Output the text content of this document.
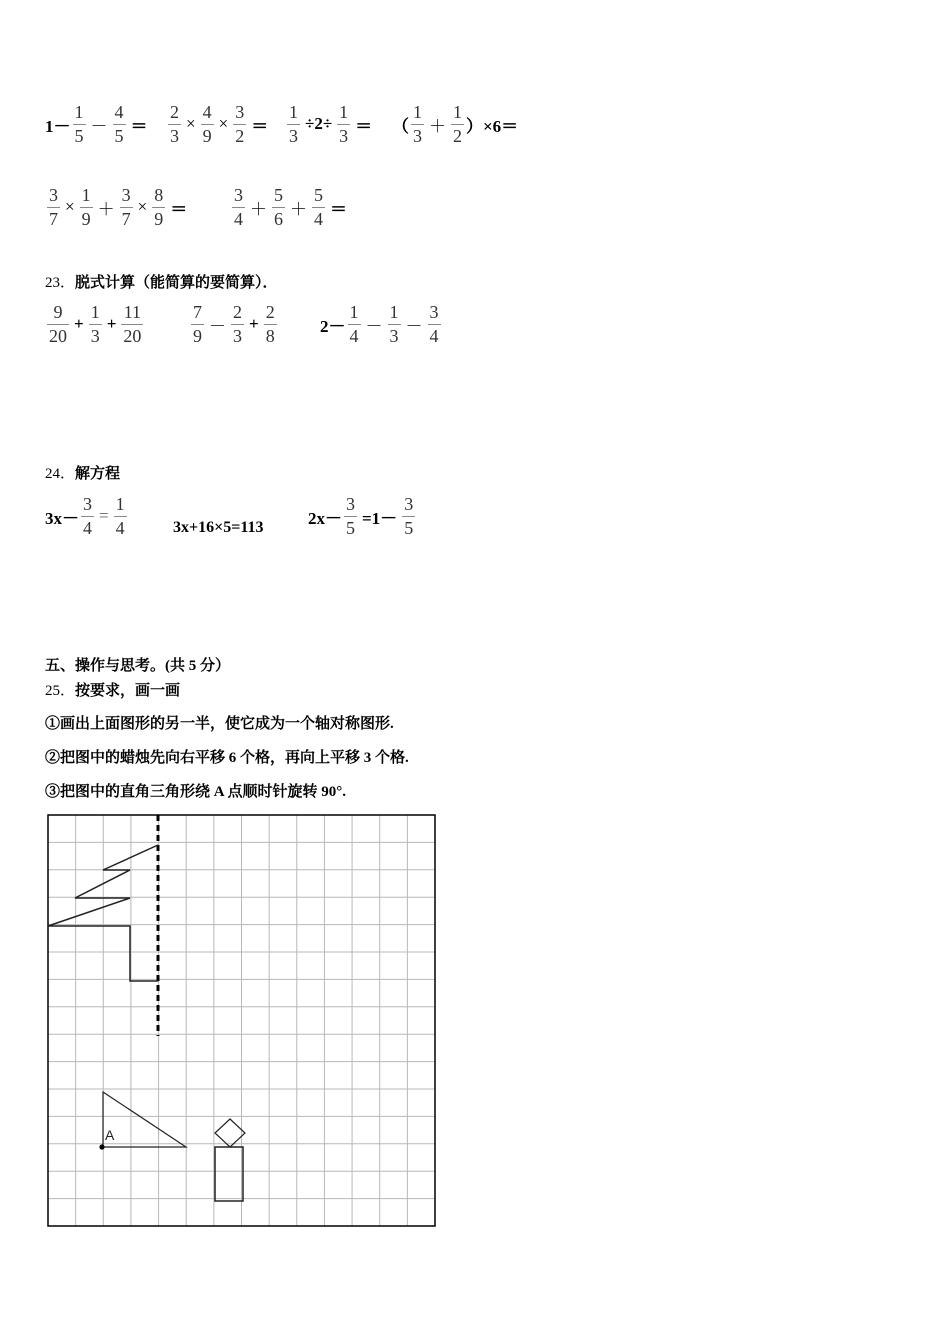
$1- \frac{1}{5} - \frac{4}{5} = \frac{2}{3} \times \frac{4}{9} \times \frac{3}{2} = \frac{1}{3} \div 2\div \frac{1}{3}$ ＝ （ $\frac{1}{3} + \frac{1}{2} )\times 6=$
$\frac{3}{7} \times \frac{1}{9} + \frac{3}{7} \times \frac{8}{9} = \frac{3}{4} + \frac{5}{6} + \frac{5}{4}$ ＝
23．脱式计算（能简算的要简算）．
$\frac{9}{20} + \frac{1}{3} + \frac{11}{20}$	$\frac{7}{9} - \frac{2}{3} + \frac{2}{8}$	$2- \frac{1}{4} - \frac{1}{3} - \frac{3}{4}$
24．解方程
$3x- \frac{3}{4} = \frac{1}{4}$	3x+16×5=113	$2x- \frac{3}{5} =1- \frac{3}{5}$
五、操作与思考。(共 5 分）
25．按要求，画一画
①画出上面图形的另一半，使它成为一个轴对称图形.
②把图中的蜡烛先向右平移 6 个格，再向上平移 3 个格.
③把图中的直角三角形绕 A 点顺时针旋转 90°.
A
